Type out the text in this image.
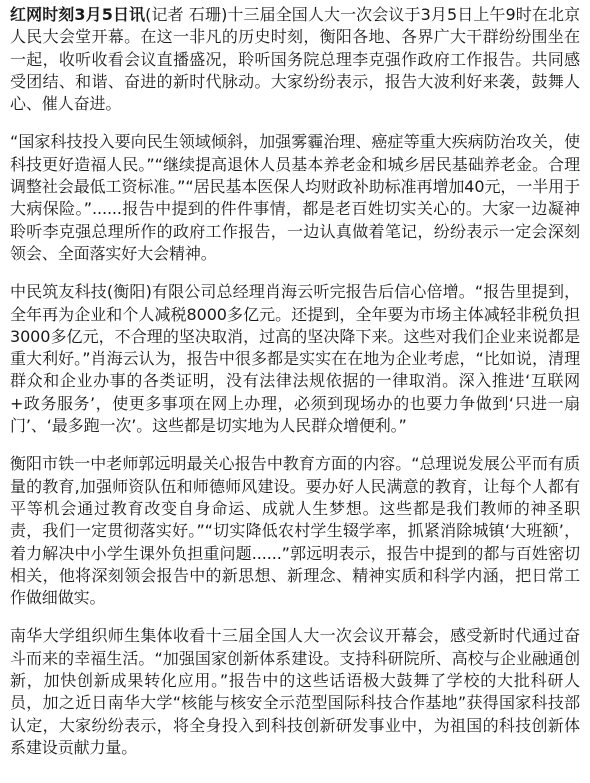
红网时刻3月5日讯(记者 石珊)十三届全国人大一次会议于3月5日上午9时在北京人民大会堂开幕。在这一非凡的历史时刻，衡阳各地、各界广大干群纷纷围坐在一起，收听收看会议直播盛况，聆听国务院总理李克强作政府工作报告。共同感受团结、和谐、奋进的新时代脉动。大家纷纷表示，报告大波利好来袭，鼓舞人心、催人奋进。

“国家科技投入要向民生领域倾斜，加强雾霾治理、癌症等重大疾病防治攻关，使科技更好造福人民。”“继续提高退休人员基本养老金和城乡居民基础养老金。合理调整社会最低工资标准。”“居民基本医保人均财政补助标准再增加40元，一半用于大病保险。”......报告中提到的件件事情，都是老百姓切实关心的。大家一边凝神聆听李克强总理所作的政府工作报告，一边认真做着笔记，纷纷表示一定会深刻领会、全面落实好大会精神。

中民筑友科技(衡阳)有限公司总经理肖海云听完报告后信心倍增。“报告里提到，全年再为企业和个人减税8000多亿元。还提到，全年要为市场主体减轻非税负担3000多亿元，不合理的坚决取消，过高的坚决降下来。这些对我们企业来说都是重大利好。”肖海云认为，报告中很多都是实实在在地为企业考虑，“比如说，清理群众和企业办事的各类证明，没有法律法规依据的一律取消。深入推进‘互联网+政务服务’，使更多事项在网上办理，必须到现场办的也要力争做到‘只进一扇门’、‘最多跑一次’。这些都是切实地为人民群众增便利。”

衡阳市铁一中老师郭远明最关心报告中教育方面的内容。“总理说发展公平而有质量的教育,加强师资队伍和师德师风建设。要办好人民满意的教育，让每个人都有平等机会通过教育改变自身命运、成就人生梦想。这些都是我们教师的神圣职责，我们一定贯彻落实好。”“切实降低农村学生辍学率，抓紧消除城镇‘大班额’，着力解决中小学生课外负担重问题......”郭远明表示，报告中提到的都与百姓密切相关，他将深刻领会报告中的新思想、新理念、精神实质和科学内涵，把日常工作做细做实。

南华大学组织师生集体收看十三届全国人大一次会议开幕会，感受新时代通过奋斗而来的幸福生活。“加强国家创新体系建设。支持科研院所、高校与企业融通创新，加快创新成果转化应用。”报告中的这些话语极大鼓舞了学校的大批科研人员，加之近日南华大学“核能与核安全示范型国际科技合作基地”获得国家科技部认定，大家纷纷表示，将全身投入到科技创新研发事业中，为祖国的科技创新体系建设贡献力量。
